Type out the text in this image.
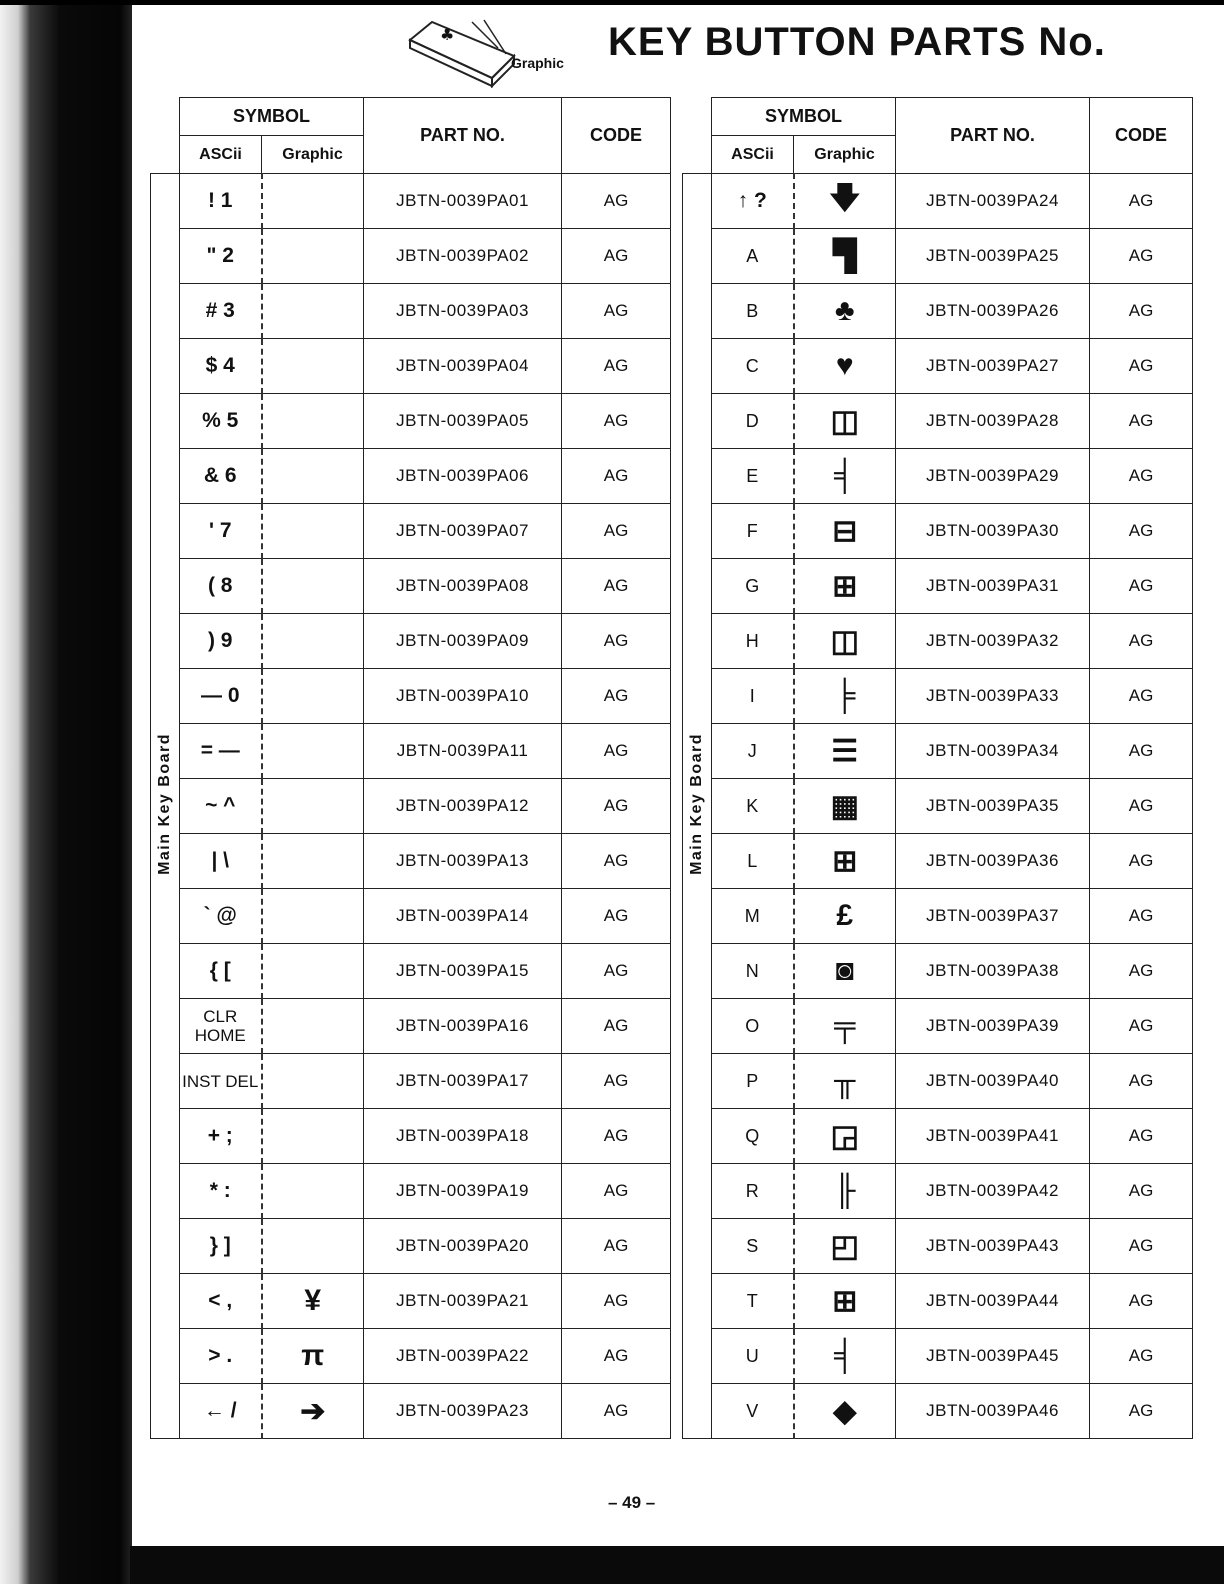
♣
Graphic KEY BUTTON PARTS No.
	SYMBOL		PART NO.	CODE
	ASCii	Graphic		
Main Key Board	! 1		JBTN-0039PA01	AG
	" 2		JBTN-0039PA02	AG
	# 3		JBTN-0039PA03	AG
	$ 4		JBTN-0039PA04	AG
	% 5		JBTN-0039PA05	AG
	& 6		JBTN-0039PA06	AG
	' 7		JBTN-0039PA07	AG
	( 8		JBTN-0039PA08	AG
	) 9		JBTN-0039PA09	AG
	— 0		JBTN-0039PA10	AG
	= —		JBTN-0039PA11	AG
	~ ^		JBTN-0039PA12	AG
	| \		JBTN-0039PA13	AG
	` @		JBTN-0039PA14	AG
	{ [		JBTN-0039PA15	AG
	CLR HOME		JBTN-0039PA16	AG
	INST DEL		JBTN-0039PA17	AG
	+ ;		JBTN-0039PA18	AG
	* :		JBTN-0039PA19	AG
	} ]		JBTN-0039PA20	AG
	< ,	¥	JBTN-0039PA21	AG
	> .	π	JBTN-0039PA22	AG
	← /	➔	JBTN-0039PA23	AG
	SYMBOL		PART NO.	CODE
	ASCii	Graphic		
Main Key Board	↑ ?	🡇	JBTN-0039PA24	AG
	A	▜	JBTN-0039PA25	AG
	B	♣	JBTN-0039PA26	AG
	C	♥	JBTN-0039PA27	AG
	D	◫	JBTN-0039PA28	AG
	E	╡	JBTN-0039PA29	AG
	F	⊟	JBTN-0039PA30	AG
	G	⊞	JBTN-0039PA31	AG
	H	◫	JBTN-0039PA32	AG
	I	╞	JBTN-0039PA33	AG
	J	☰	JBTN-0039PA34	AG
	K	▦	JBTN-0039PA35	AG
	L	⊞	JBTN-0039PA36	AG
	M	£	JBTN-0039PA37	AG
	N	◙	JBTN-0039PA38	AG
	O	╤	JBTN-0039PA39	AG
	P	╥	JBTN-0039PA40	AG
	Q	◲	JBTN-0039PA41	AG
	R	╟	JBTN-0039PA42	AG
	S	◰	JBTN-0039PA43	AG
	T	⊞	JBTN-0039PA44	AG
	U	╡	JBTN-0039PA45	AG
	V	◆	JBTN-0039PA46	AG
– 49 –
